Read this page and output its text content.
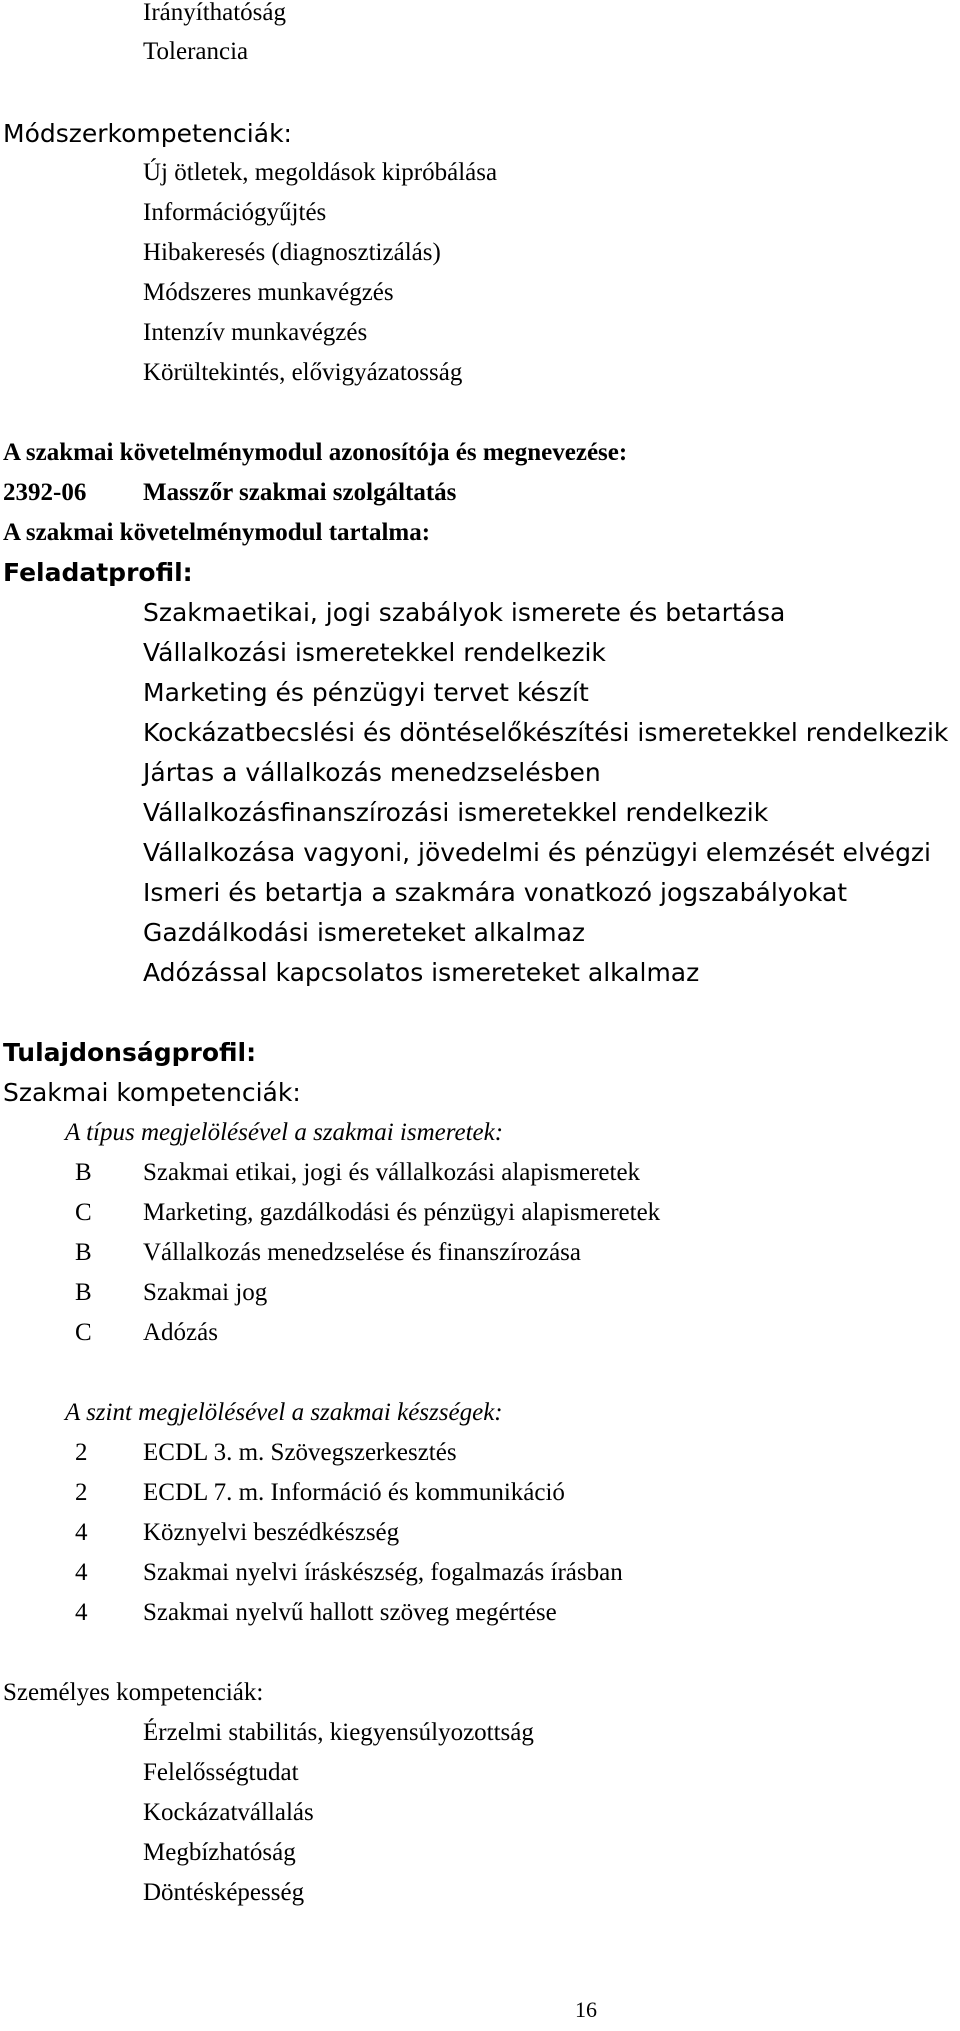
Irányíthatóság
Tolerancia
Módszerkompetenciák:
Új ötletek, megoldások kipróbálása
Információgyűjtés
Hibakeresés (diagnosztizálás)
Módszeres munkavégzés
Intenzív munkavégzés
Körültekintés, elővigyázatosság
A szakmai követelménymodul azonosítója és megnevezése:
2392-06 Masszőr szakmai szolgáltatás
A szakmai követelménymodul tartalma:
Feladatprofil:
Szakmaetikai, jogi szabályok ismerete és betartása
Vállalkozási ismeretekkel rendelkezik
Marketing és pénzügyi tervet készít
Kockázatbecslési és döntéselőkészítési ismeretekkel rendelkezik
Jártas a vállalkozás menedzselésben
Vállalkozásfinanszírozási ismeretekkel rendelkezik
Vállalkozása vagyoni, jövedelmi és pénzügyi elemzését elvégzi
Ismeri és betartja a szakmára vonatkozó jogszabályokat
Gazdálkodási ismereteket alkalmaz
Adózással kapcsolatos ismereteket alkalmaz
Tulajdonságprofil:
Szakmai kompetenciák:
A típus megjelölésével a szakmai ismeretek:
B Szakmai etikai, jogi és vállalkozási alapismeretek
C Marketing, gazdálkodási és pénzügyi alapismeretek
B Vállalkozás menedzselése és finanszírozása
B Szakmai jog
C Adózás
A szint megjelölésével a szakmai készségek:
2 ECDL 3. m. Szövegszerkesztés
2 ECDL 7. m. Információ és kommunikáció
4 Köznyelvi beszédkészség
4 Szakmai nyelvi íráskészség, fogalmazás írásban
4 Szakmai nyelvű hallott szöveg megértése
Személyes kompetenciák:
Érzelmi stabilitás, kiegyensúlyozottság
Felelősségtudat
Kockázatvállalás
Megbízhatóság
Döntésképesség
16
